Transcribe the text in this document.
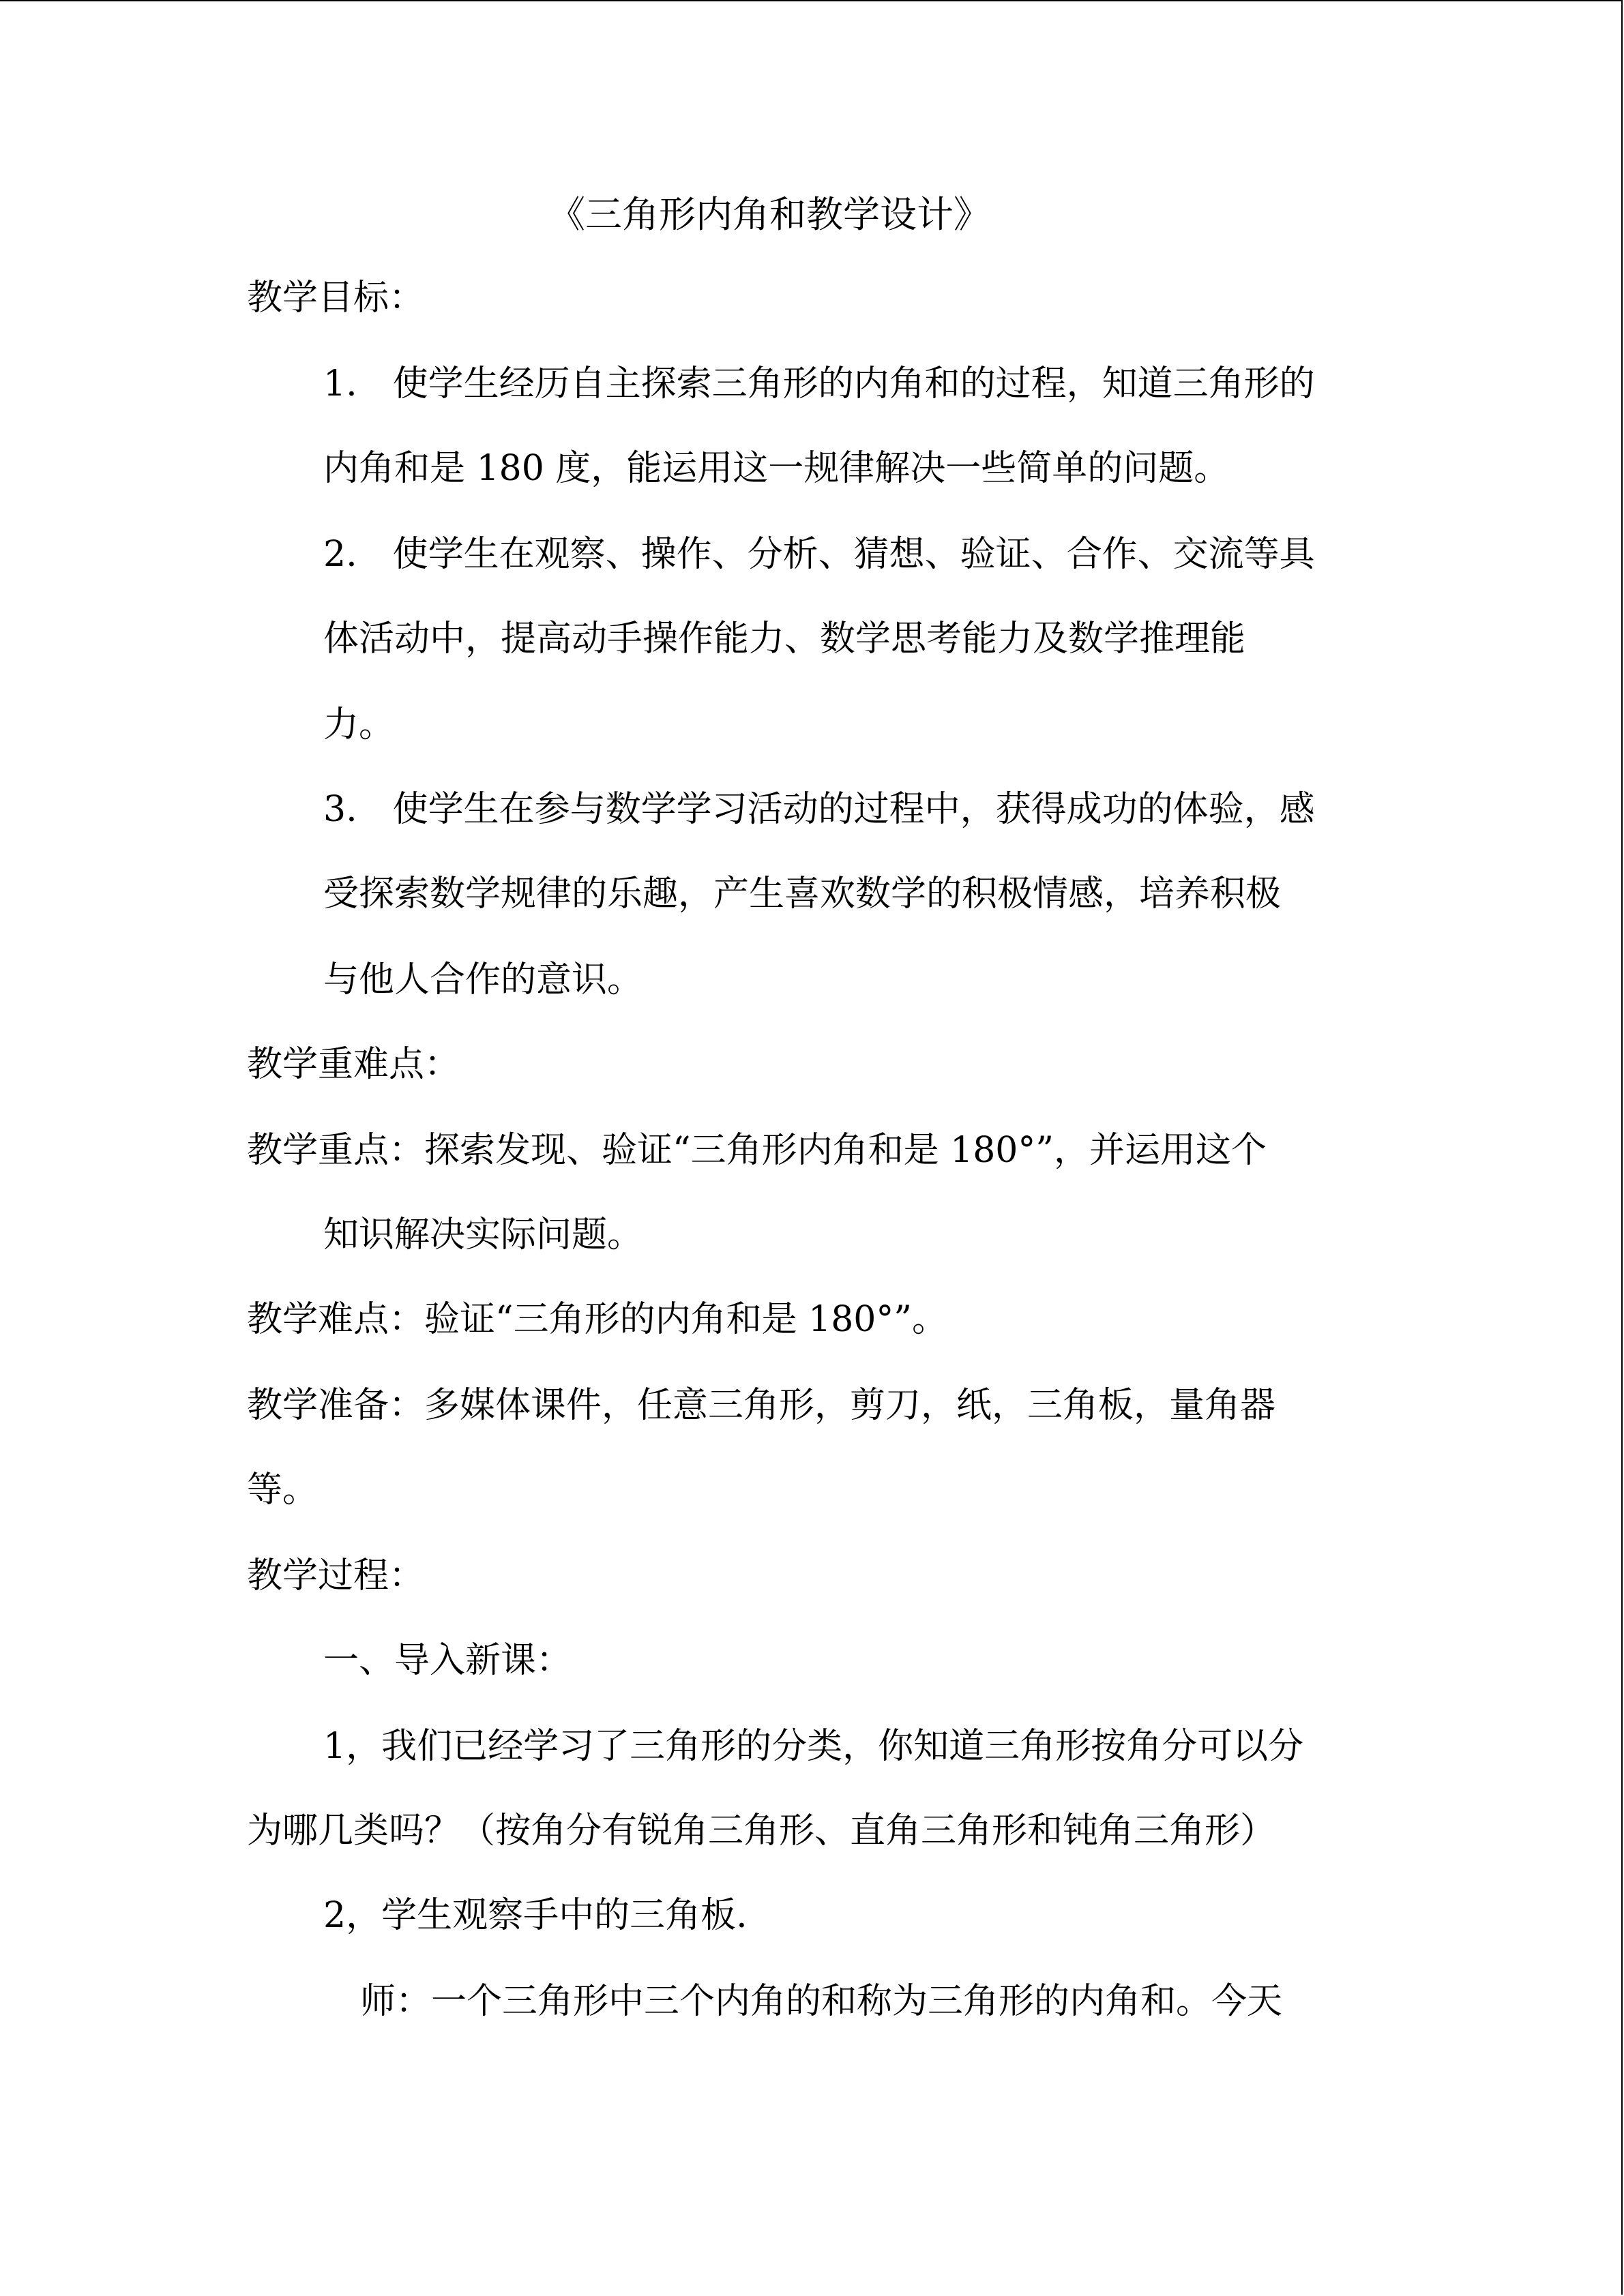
《三角形内角和教学设计》
教学目标：
1.　使学生经历自主探索三角形的内角和的过程，知道三角形的
内角和是 180 度，能运用这一规律解决一些简单的问题。
2.　使学生在观察、操作、分析、猜想、验证、合作、交流等具
体活动中，提高动手操作能力、数学思考能力及数学推理能
力。
3.　使学生在参与数学学习活动的过程中，获得成功的体验，感
受探索数学规律的乐趣，产生喜欢数学的积极情感，培养积极
与他人合作的意识。
教学重难点：
教学重点：探索发现、验证“三角形内角和是 180°”，并运用这个
知识解决实际问题。
教学难点：验证“三角形的内角和是 180°”。
教学准备：多媒体课件，任意三角形，剪刀，纸，三角板，量角器
等。
教学过程：
一、导入新课：
1，我们已经学习了三角形的分类，你知道三角形按角分可以分
为哪几类吗？（按角分有锐角三角形、直角三角形和钝角三角形）
2，学生观察手中的三角板.
师：一个三角形中三个内角的和称为三角形的内角和。今天
